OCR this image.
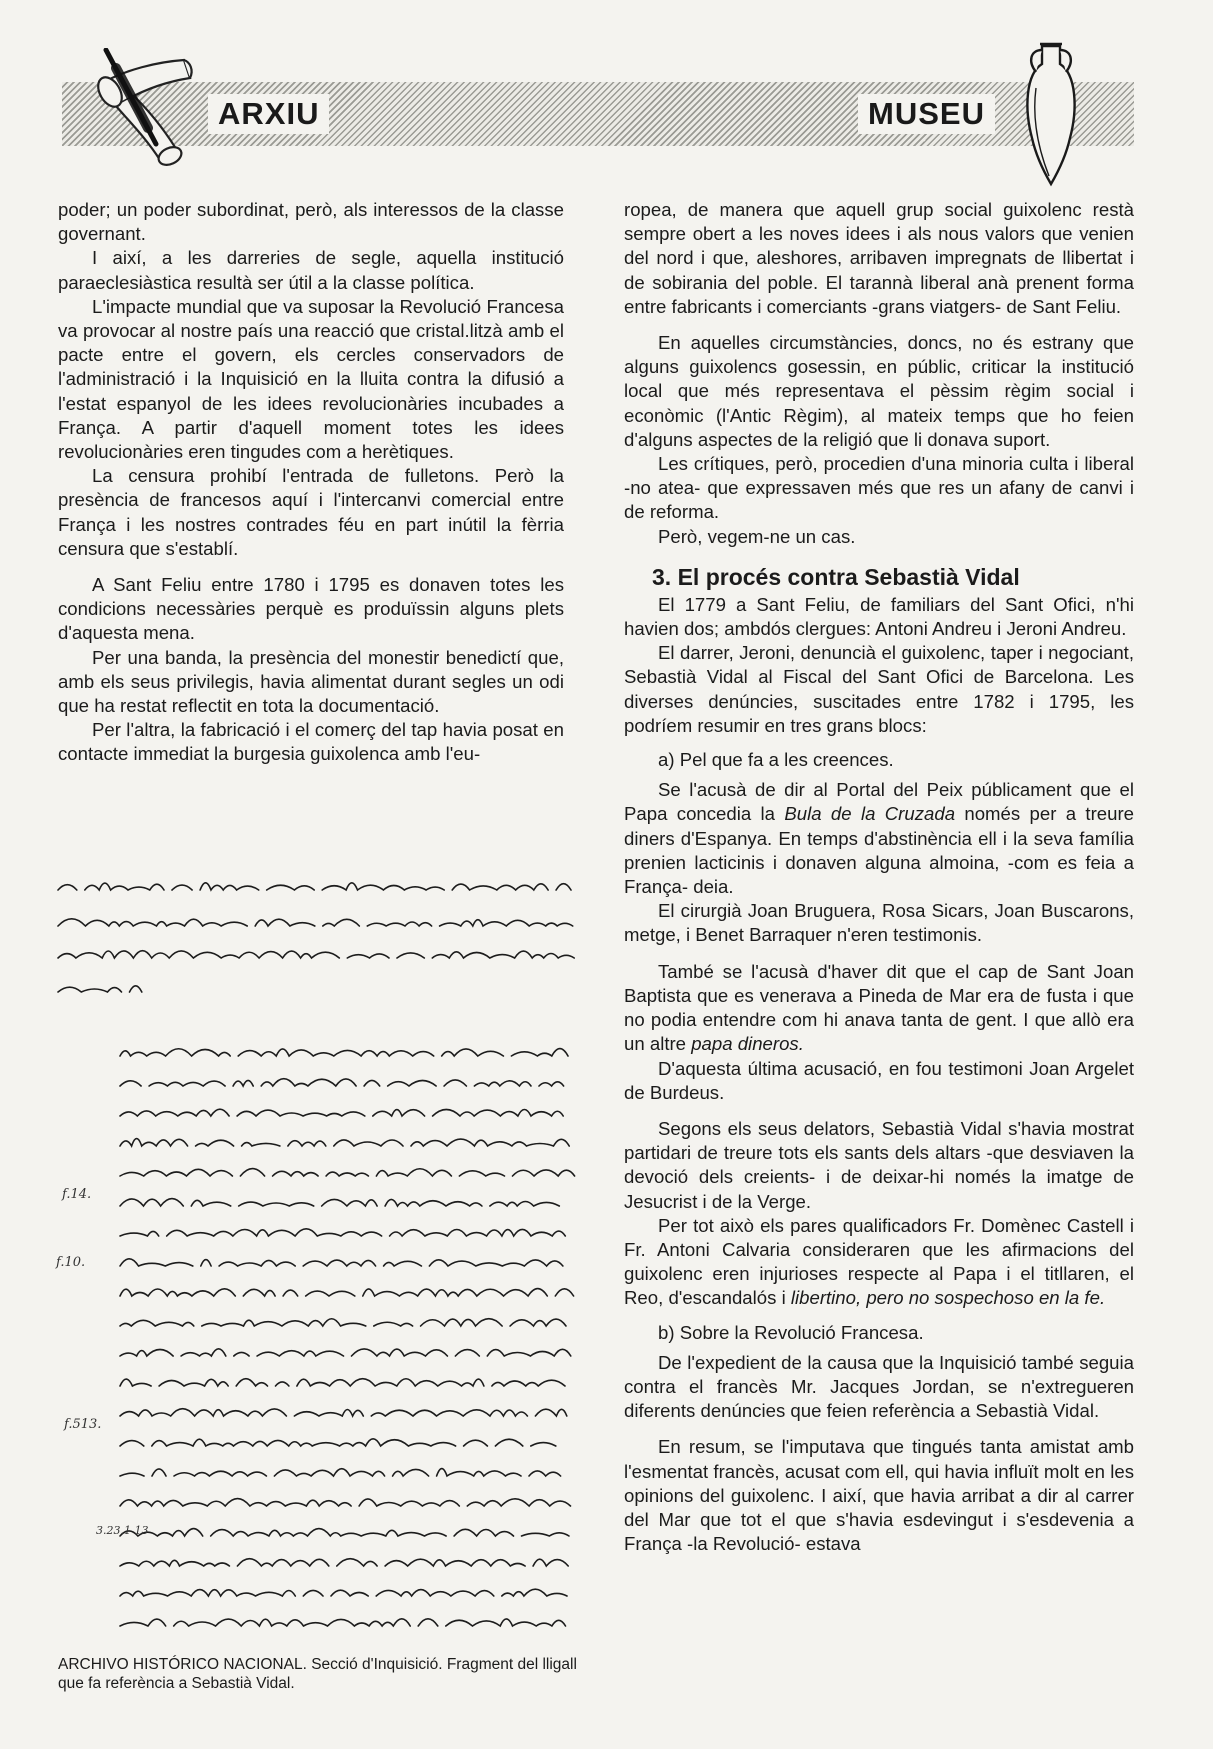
ARXIU	MUSEU

poder; un poder subordinat, però, als interessos de la classe governant.

I així, a les darreries de segle, aquella institució paraeclesiàstica resultà ser útil a la classe política.

L'impacte mundial que va suposar la Revolució Francesa va provocar al nostre país una reacció que cristal.litzà amb el pacte entre el govern, els cercles conservadors de l'administració i la Inquisició en la lluita contra la difusió a l'estat espanyol de les idees revolucionàries incubades a França. A partir d'aquell moment totes les idees revolucionàries eren tingudes com a herètiques.

La censura prohibí l'entrada de fulletons. Però la presència de francesos aquí i l'intercanvi comercial entre França i les nostres contrades féu en part inútil la fèrria censura que s'establí.

A Sant Feliu entre 1780 i 1795 es donaven totes les condicions necessàries perquè es produïssin alguns plets d'aquesta mena.

Per una banda, la presència del monestir benedictí que, amb els seus privilegis, havia alimentat durant segles un odi que ha restat reflectit en tota la documentació.

Per l'altra, la fabricació i el comerç del tap havia posat en contacte immediat la burgesia guixolenca amb l'eu-

f.14.
f.10.
f.513.
3.23.1 13
ARCHIVO HISTÓRICO NACIONAL. Secció d'Inquisició. Fragment del lligall que fa referència a Sebastià Vidal.

ropea, de manera que aquell grup social guixolenc restà sempre obert a les noves idees i als nous valors que venien del nord i que, aleshores, arribaven impregnats de llibertat i de sobirania del poble. El tarannà liberal anà prenent forma entre fabricants i comerciants -grans viatgers- de Sant Feliu.

En aquelles circumstàncies, doncs, no és estrany que alguns guixolencs gosessin, en públic, criticar la institució local que més representava el pèssim règim social i econòmic (l'Antic Règim), al mateix temps que ho feien d'alguns aspectes de la religió que li donava suport.

Les crítiques, però, procedien d'una minoria culta i liberal -no atea- que expressaven més que res un afany de canvi i de reforma.

Però, vegem-ne un cas.

3. El procés contra Sebastià Vidal

El 1779 a Sant Feliu, de familiars del Sant Ofici, n'hi havien dos; ambdós clergues: Antoni Andreu i Jeroni Andreu.

El darrer, Jeroni, denuncià el guixolenc, taper i negociant, Sebastià Vidal al Fiscal del Sant Ofici de Barcelona. Les diverses denúncies, suscitades entre 1782 i 1795, les podríem resumir en tres grans blocs:

a) Pel que fa a les creences.

Se l'acusà de dir al Portal del Peix públicament que el Papa concedia la Bula de la Cruzada només per a treure diners d'Espanya. En temps d'abstinència ell i la seva família prenien lacticinis i donaven alguna almoina, -com es feia a França- deia.

El cirurgià Joan Bruguera, Rosa Sicars, Joan Buscarons, metge, i Benet Barraquer n'eren testimonis.

També se l'acusà d'haver dit que el cap de Sant Joan Baptista que es venerava a Pineda de Mar era de fusta i que no podia entendre com hi anava tanta de gent. I que allò era un altre papa dineros.

D'aquesta última acusació, en fou testimoni Joan Argelet de Burdeus.

Segons els seus delators, Sebastià Vidal s'havia mostrat partidari de treure tots els sants dels altars -que desviaven la devoció dels creients- i de deixar-hi només la imatge de Jesucrist i de la Verge.

Per tot això els pares qualificadors Fr. Domènec Castell i Fr. Antoni Calvaria consideraren que les afirmacions del guixolenc eren injurioses respecte al Papa i el titllaren, el Reo, d'escandalós i libertino, pero no sospechoso en la fe.

b) Sobre la Revolució Francesa.

De l'expedient de la causa que la Inquisició també seguia contra el francès Mr. Jacques Jordan, se n'extregueren diferents denúncies que feien referència a Sebastià Vidal.

En resum, se l'imputava que tingués tanta amistat amb l'esmentat francès, acusat com ell, qui havia influït molt en les opinions del guixolenc. I així, que havia arribat a dir al carrer del Mar que tot el que s'havia esdevingut i s'esdevenia a França -la Revolució- estava
